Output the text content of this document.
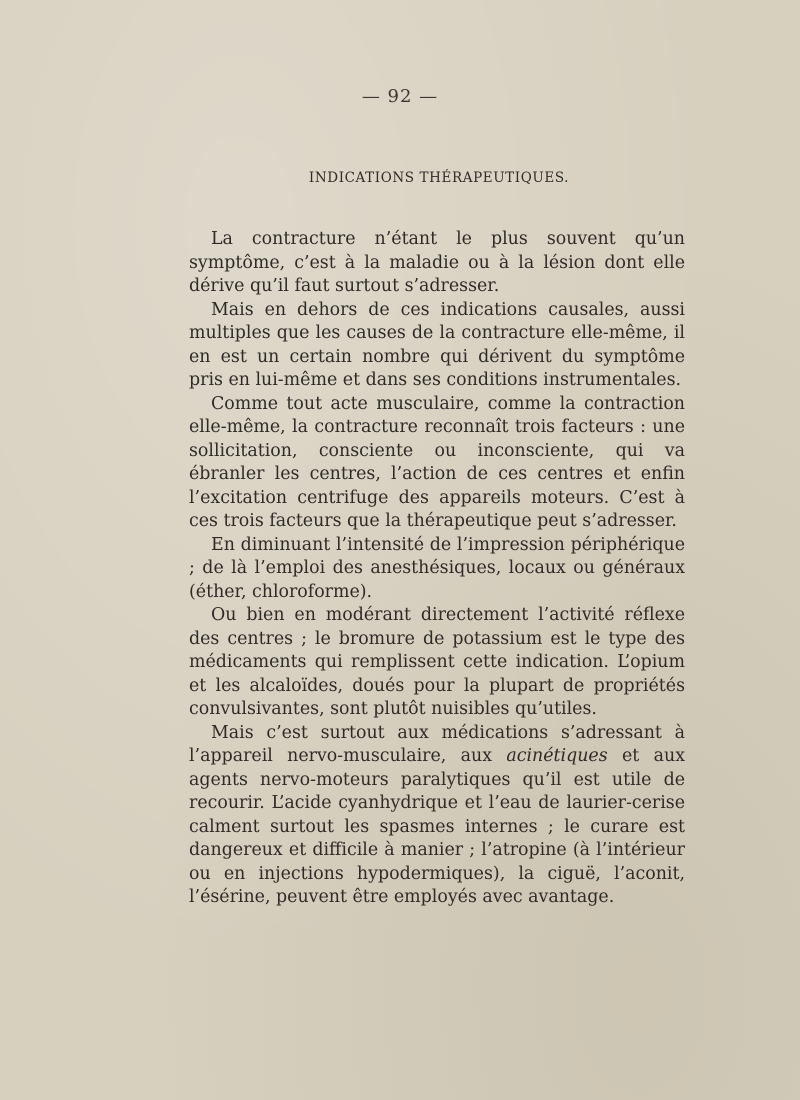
— 92 —
INDICATIONS THÉRAPEUTIQUES.

La contracture n’étant le plus souvent qu’un symptôme, c’est à la maladie ou à la lésion dont elle dérive qu’il faut surtout s’adresser.

Mais en dehors de ces indications causales, aussi multiples que les causes de la contracture elle-même, il en est un certain nombre qui dérivent du symptôme pris en lui-même et dans ses conditions instrumentales.

Comme tout acte musculaire, comme la contraction elle-même, la contracture reconnaît trois facteurs : une sollicitation, consciente ou inconsciente, qui va ébranler les centres, l’action de ces centres et enfin l’excitation centrifuge des appareils moteurs. C’est à ces trois facteurs que la thérapeutique peut s’adresser.

En diminuant l’intensité de l’impression périphérique ; de là l’emploi des anesthésiques, locaux ou généraux (éther, chloroforme).

Ou bien en modérant directement l’activité réflexe des centres ; le bromure de potassium est le type des médicaments qui remplissent cette indication. L’opium et les alcaloïdes, doués pour la plupart de propriétés convulsivantes, sont plutôt nuisibles qu’utiles.

Mais c’est surtout aux médications s’adressant à l’appareil nervo-musculaire, aux acinétiques et aux agents nervo-moteurs paralytiques qu’il est utile de recourir. L’acide cyanhydrique et l’eau de laurier-cerise calment surtout les spasmes internes ; le curare est dangereux et difficile à manier ; l’atropine (à l’intérieur ou en injections hypodermiques), la ciguë, l’aconit, l’ésérine, peuvent être employés avec avantage.
